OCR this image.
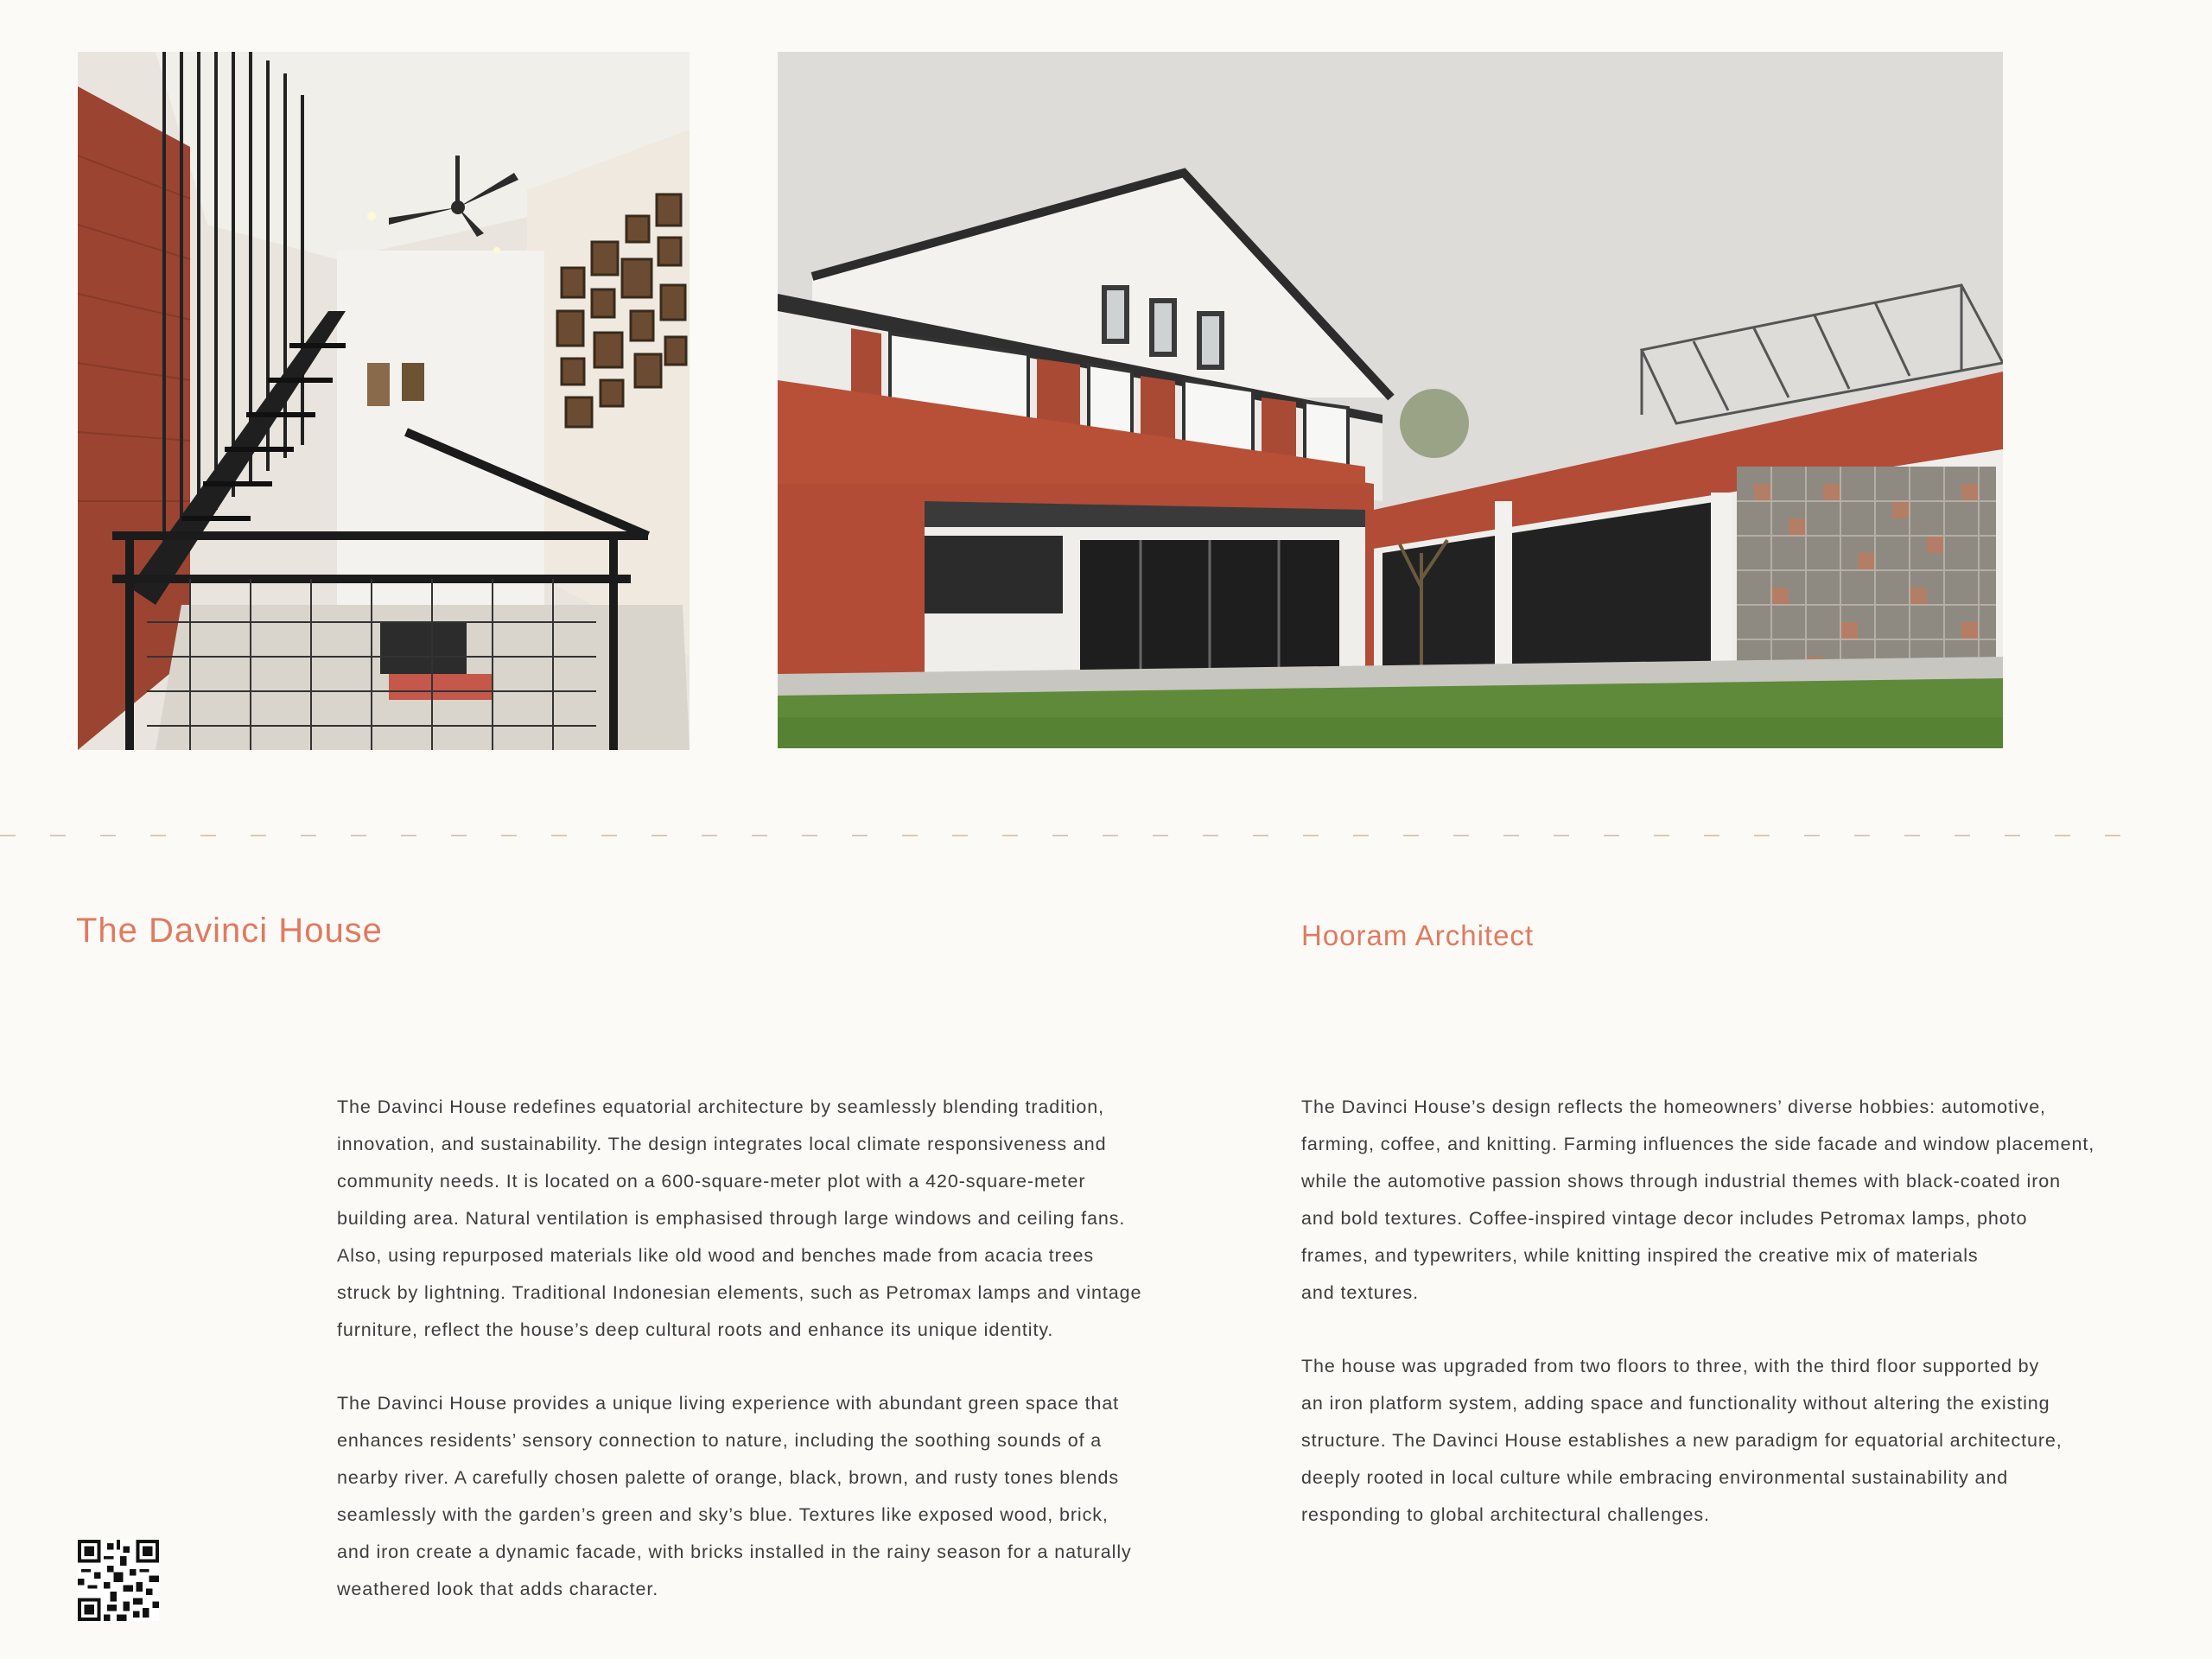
The Davinci House	Hooram Architect

The Davinci House redefines equatorial architecture by seamlessly blending tradition,
innovation, and sustainability. The design integrates local climate responsiveness and
community needs. It is located on a 600-square-meter plot with a 420-square-meter
building area. Natural ventilation is emphasised through large windows and ceiling fans.
Also, using repurposed materials like old wood and benches made from acacia trees
struck by lightning. Traditional Indonesian elements, such as Petromax lamps and vintage
furniture, reflect the house’s deep cultural roots and enhance its unique identity.

The Davinci House provides a unique living experience with abundant green space that
enhances residents’ sensory connection to nature, including the soothing sounds of a
nearby river. A carefully chosen palette of orange, black, brown, and rusty tones blends
seamlessly with the garden’s green and sky’s blue. Textures like exposed wood, brick,
and iron create a dynamic facade, with bricks installed in the rainy season for a naturally
weathered look that adds character.

The Davinci House’s design reflects the homeowners’ diverse hobbies: automotive,
farming, coffee, and knitting. Farming influences the side facade and window placement,
while the automotive passion shows through industrial themes with black-coated iron
and bold textures. Coffee-inspired vintage decor includes Petromax lamps, photo
frames, and typewriters, while knitting inspired the creative mix of materials
and textures.

The house was upgraded from two floors to three, with the third floor supported by
an iron platform system, adding space and functionality without altering the existing
structure. The Davinci House establishes a new paradigm for equatorial architecture,
deeply rooted in local culture while embracing environmental sustainability and
responding to global architectural challenges.
